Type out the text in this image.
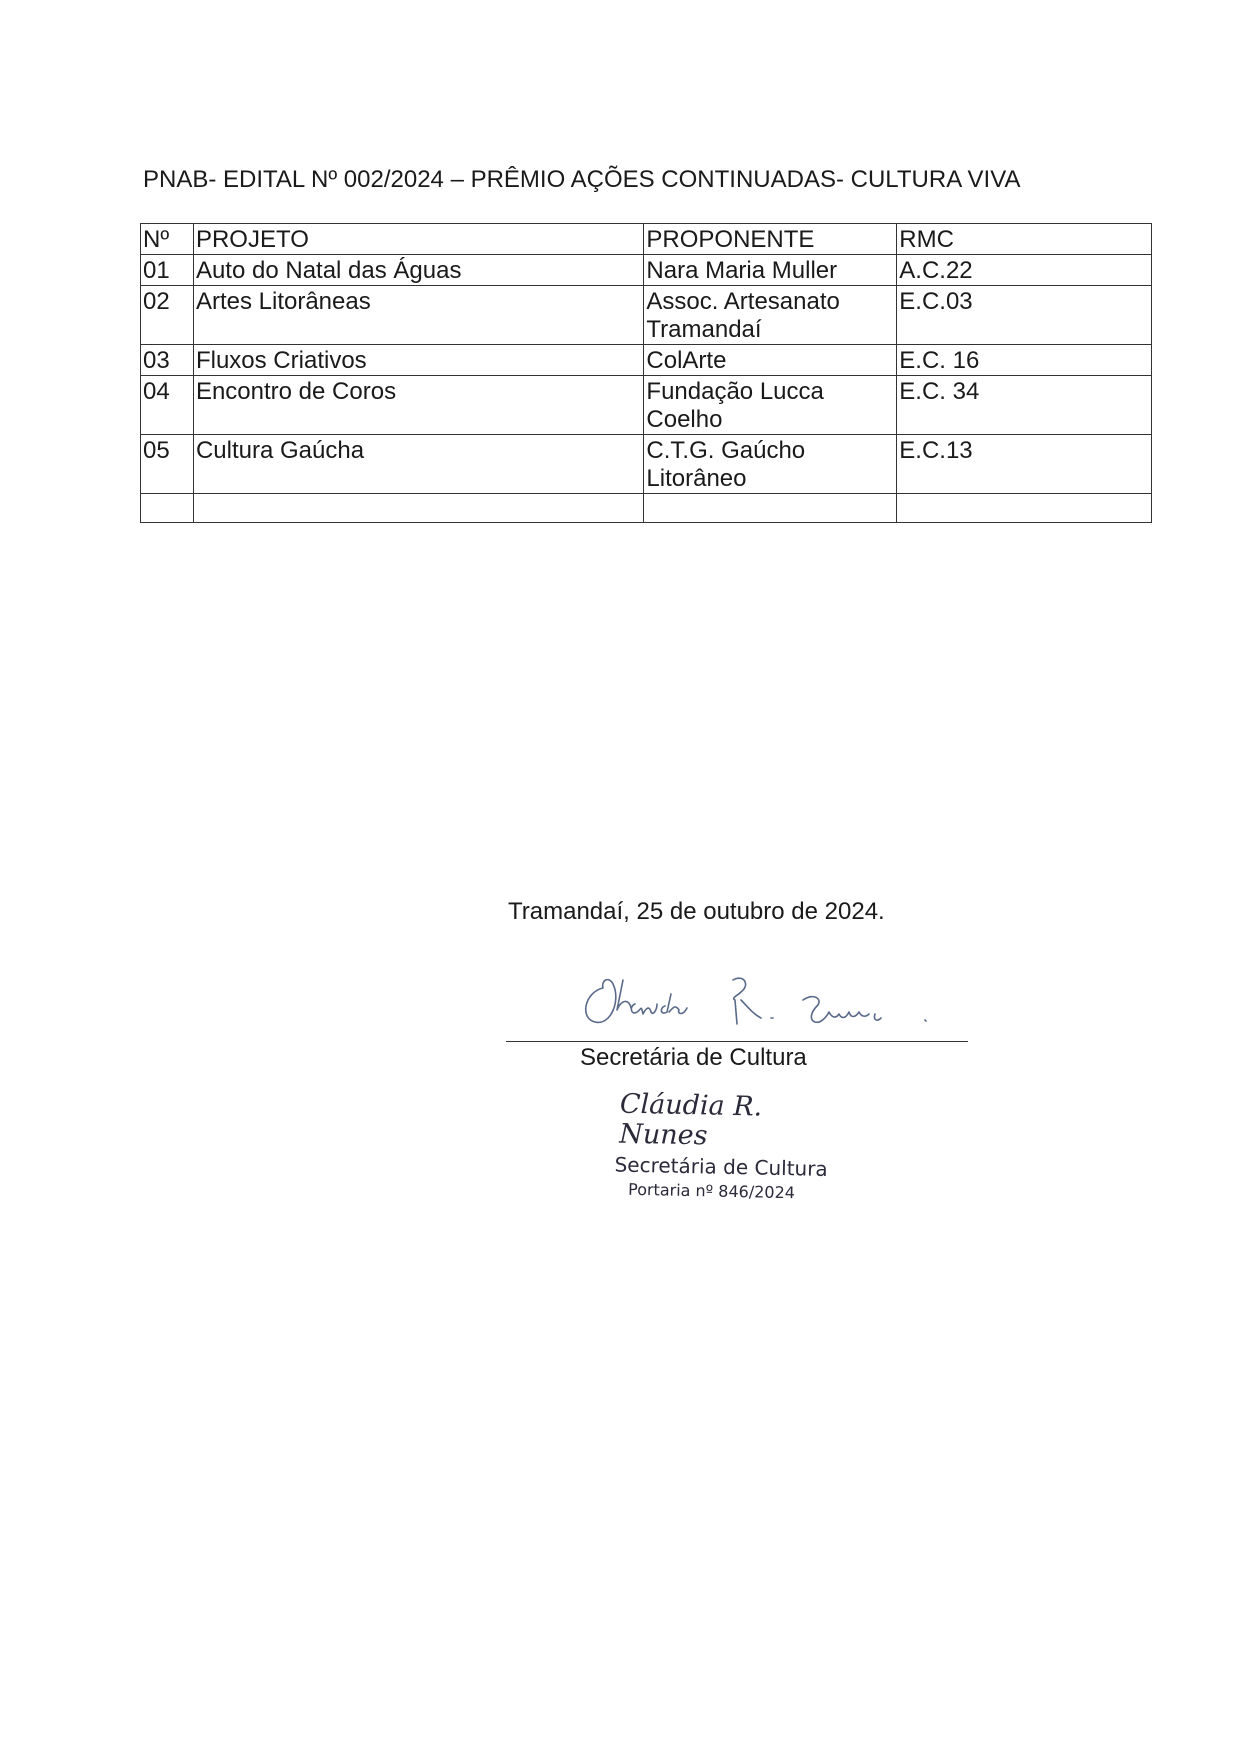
PNAB- EDITAL Nº 002/2024 – PRÊMIO AÇÕES CONTINUADAS- CULTURA VIVA
Nº	PROJETO	PROPONENTE	RMC
01	Auto do Natal das Águas	Nara Maria Muller	A.C.22
02	Artes Litorâneas	Assoc. Artesanato Tramandaí	E.C.03
03	Fluxos Criativos	ColArte	E.C. 16
04	Encontro de Coros	Fundação Lucca Coelho	E.C. 34
05	Cultura Gaúcha	C.T.G. Gaúcho Litorâneo	E.C.13

Tramandaí, 25 de outubro de 2024.
Secretária de Cultura
Cláudia R. Nunes
Secretária de Cultura
Portaria nº 846/2024
